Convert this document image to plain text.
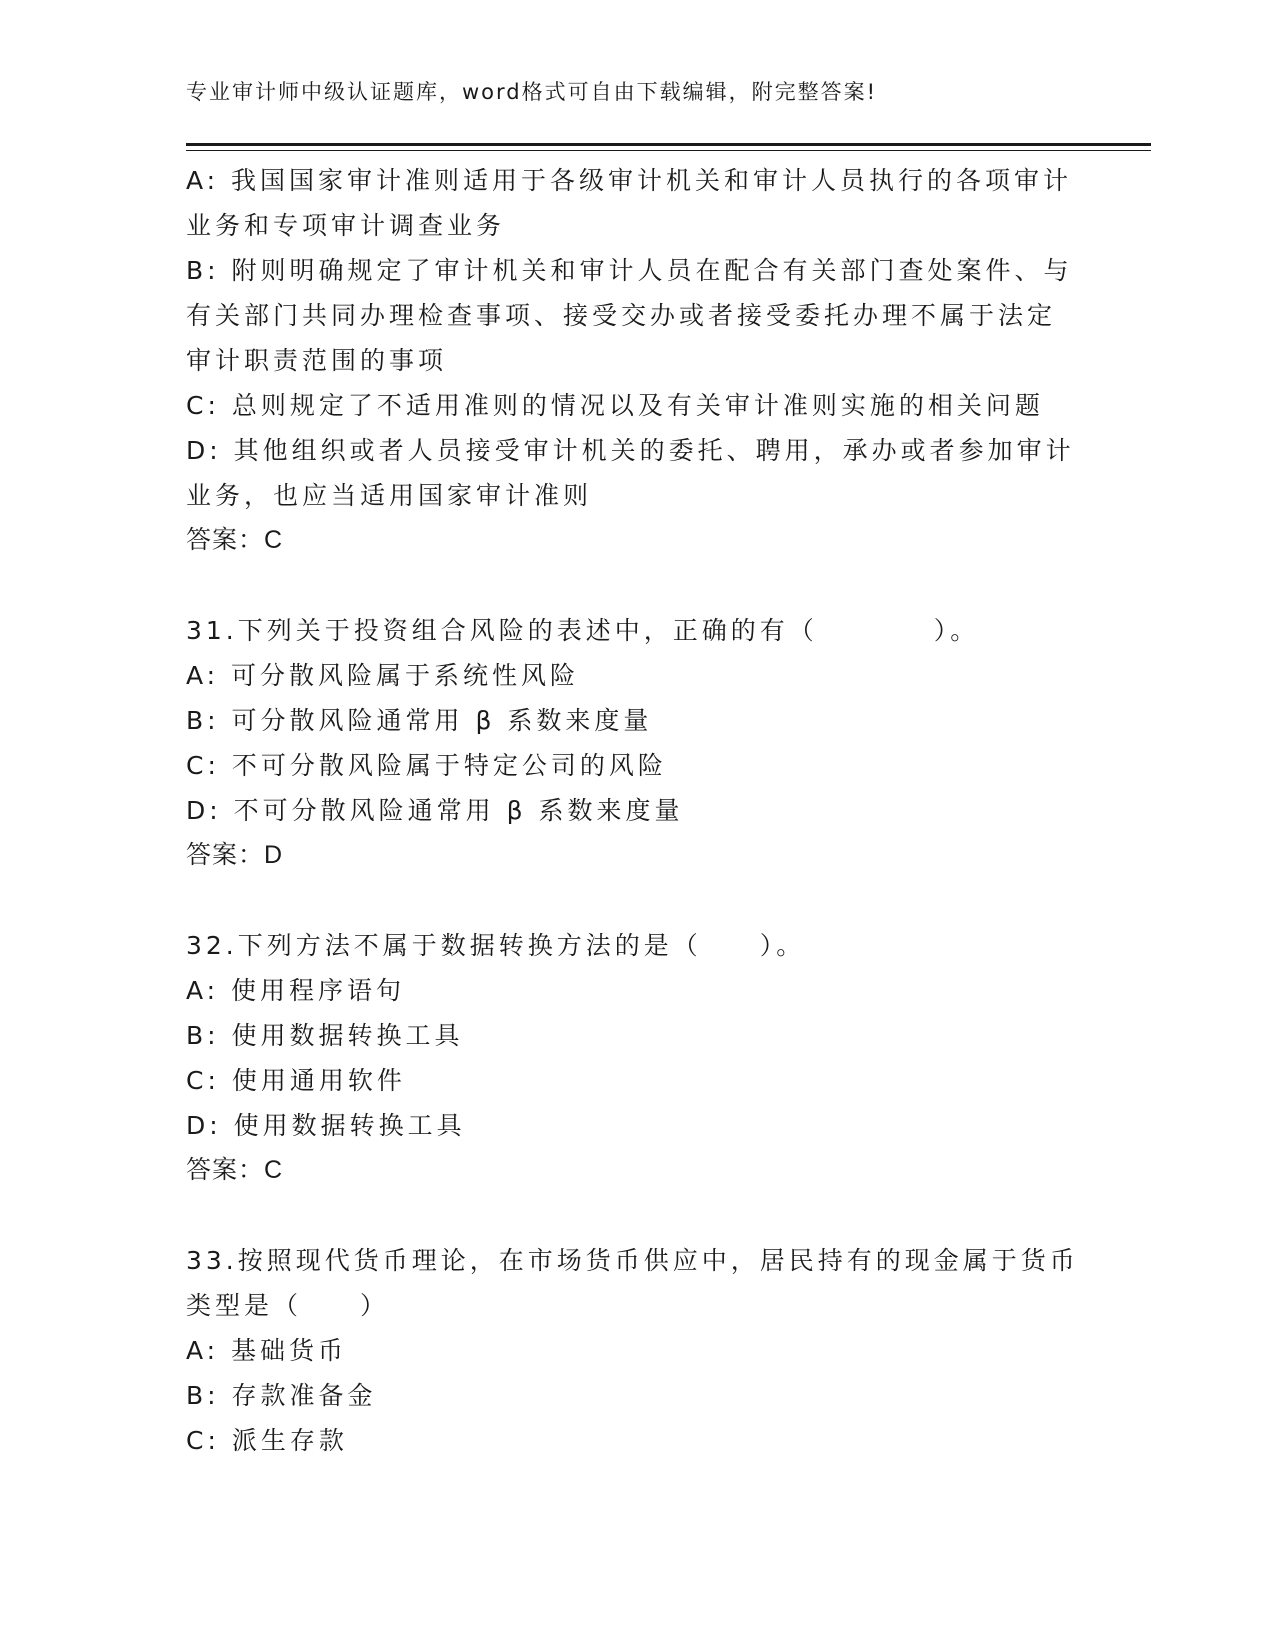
专业审计师中级认证题库，word格式可自由下载编辑，附完整答案!
A: 我国国家审计准则适用于各级审计机关和审计人员执行的各项审计
业务和专项审计调查业务
B: 附则明确规定了审计机关和审计人员在配合有关部门查处案件、与
有关部门共同办理检查事项、接受交办或者接受委托办理不属于法定
审计职责范围的事项
C: 总则规定了不适用准则的情况以及有关审计准则实施的相关问题
D: 其他组织或者人员接受审计机关的委托、聘用，承办或者参加审计
业务，也应当适用国家审计准则
答案：C
31.下列关于投资组合风险的表述中，正确的有（　　　　）。
A: 可分散风险属于系统性风险
B: 可分散风险通常用 β 系数来度量
C: 不可分散风险属于特定公司的风险
D: 不可分散风险通常用 β 系数来度量
答案：D
32.下列方法不属于数据转换方法的是（　　）。
A: 使用程序语句
B: 使用数据转换工具
C: 使用通用软件
D: 使用数据转换工具
答案：C
33.按照现代货币理论，在市场货币供应中，居民持有的现金属于货币
类型是（　　）
A: 基础货币
B: 存款准备金
C: 派生存款
